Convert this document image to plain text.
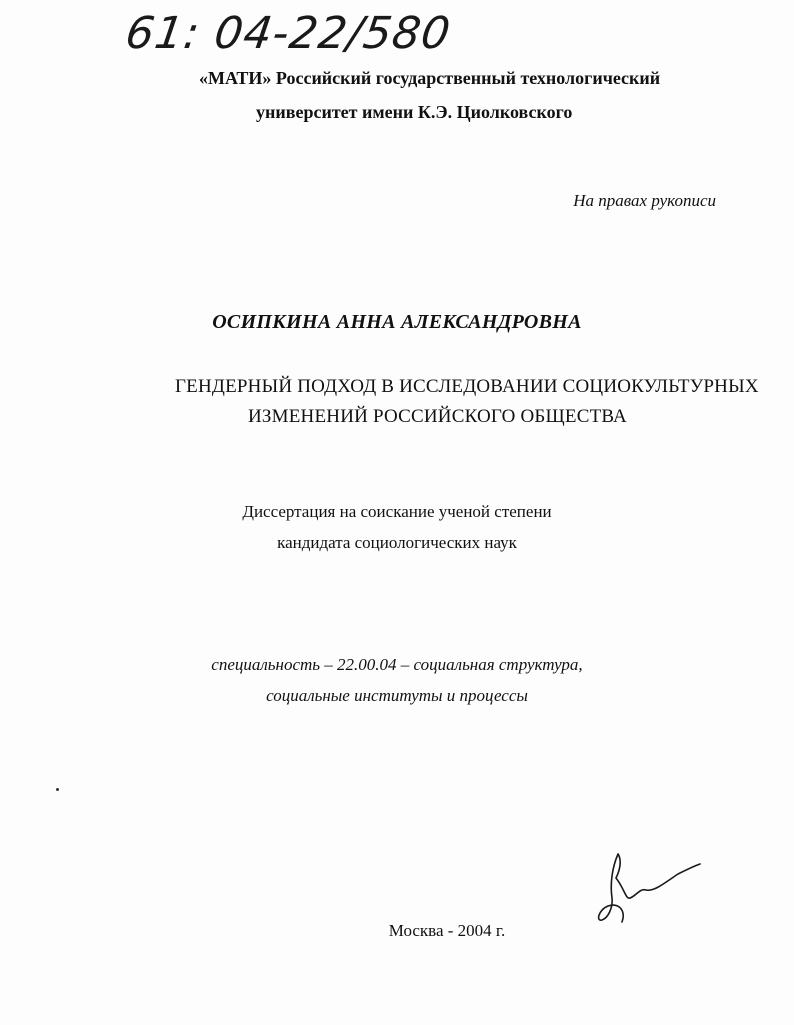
61: 04-22/580
«МАТИ» Российский государственный технологический
университет имени К.Э. Циолковского
На правах рукописи
ОСИПКИНА АННА АЛЕКСАНДРОВНА
ГЕНДЕРНЫЙ ПОДХОД В ИССЛЕДОВАНИИ СОЦИОКУЛЬТУРНЫХ
ИЗМЕНЕНИЙ РОССИЙСКОГО ОБЩЕСТВА
Диссертация на соискание ученой степени
кандидата социологических наук
специальность – 22.00.04 – социальная структура,
социальные институты и процессы
Москва - 2004 г.
